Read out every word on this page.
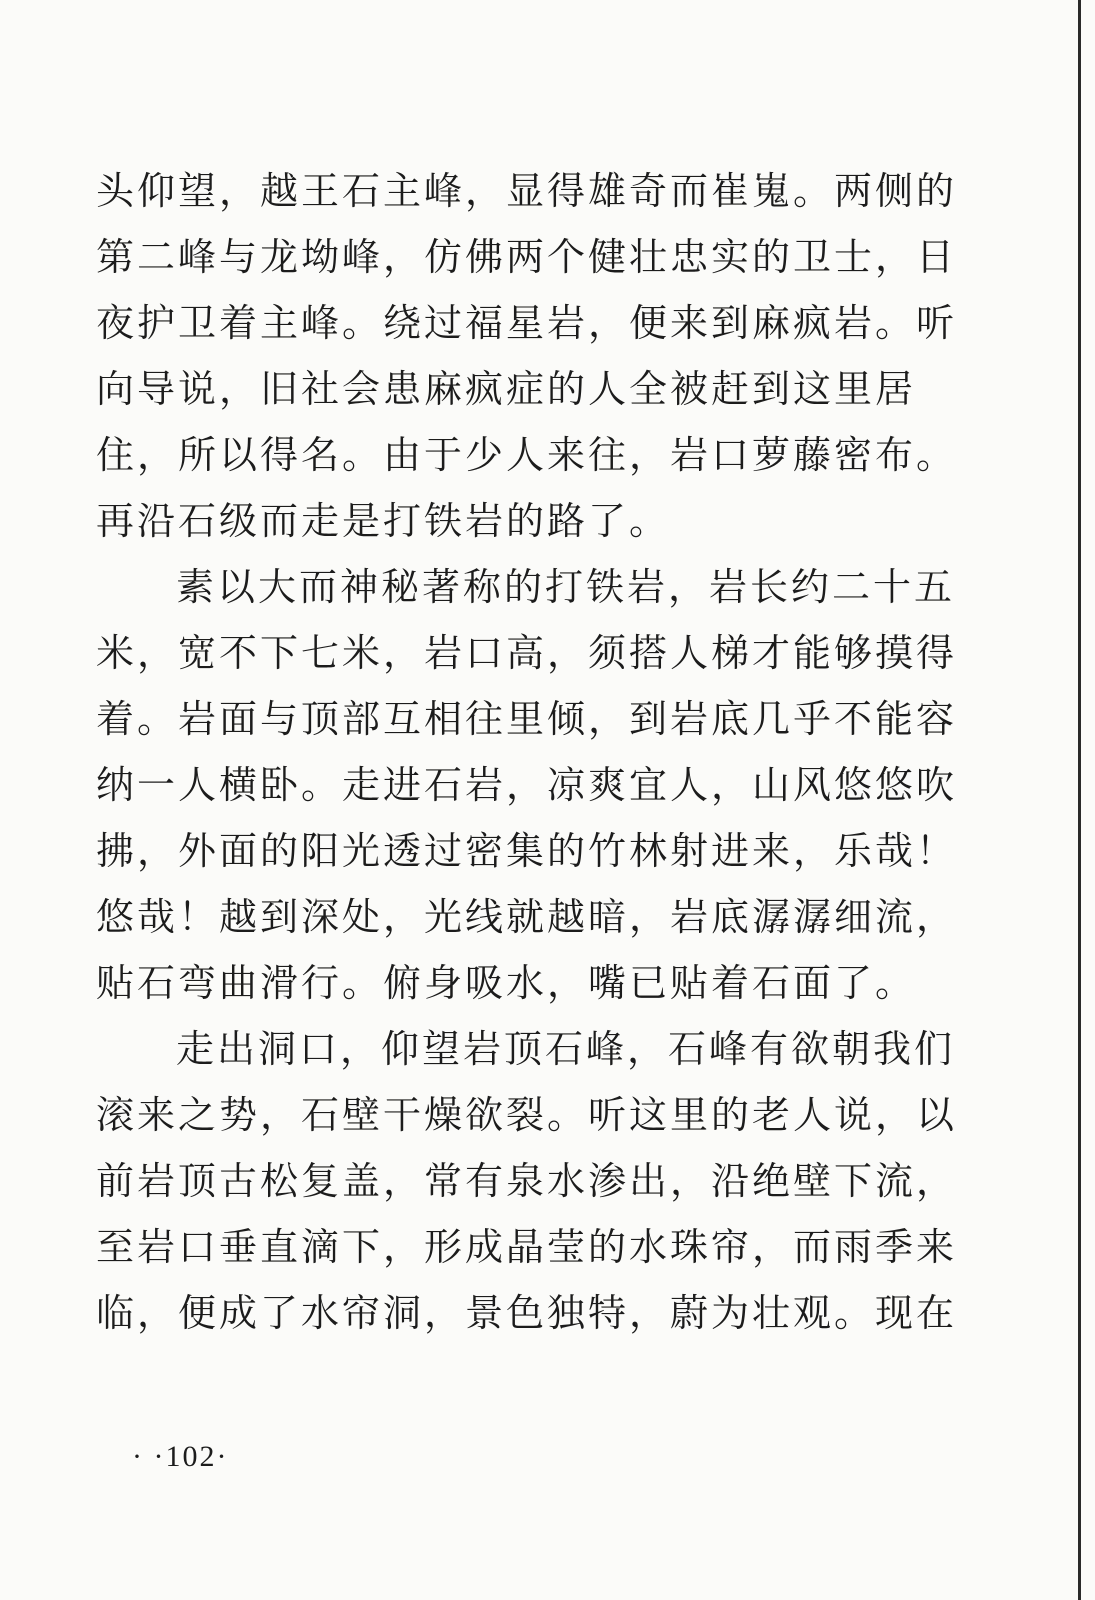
头仰望，越王石主峰，显得雄奇而崔嵬。两侧的
第二峰与龙坳峰，仿佛两个健壮忠实的卫士，日
夜护卫着主峰。绕过福星岩，便来到麻疯岩。听
向导说，旧社会患麻疯症的人全被赶到这里居
住，所以得名。由于少人来往，岩口萝藤密布。
再沿石级而走是打铁岩的路了。
素以大而神秘著称的打铁岩，岩长约二十五
米，宽不下七米，岩口高，须搭人梯才能够摸得
着。岩面与顶部互相往里倾，到岩底几乎不能容
纳一人横卧。走进石岩，凉爽宜人，山风悠悠吹
拂，外面的阳光透过密集的竹林射进来，乐哉！
悠哉！越到深处，光线就越暗，岩底潺潺细流，
贴石弯曲滑行。俯身吸水，嘴已贴着石面了。
走出洞口，仰望岩顶石峰，石峰有欲朝我们
滚来之势，石壁干燥欲裂。听这里的老人说，以
前岩顶古松复盖，常有泉水渗出，沿绝壁下流，
至岩口垂直滴下，形成晶莹的水珠帘，而雨季来
临，便成了水帘洞，景色独特，蔚为壮观。现在
· ·102·
